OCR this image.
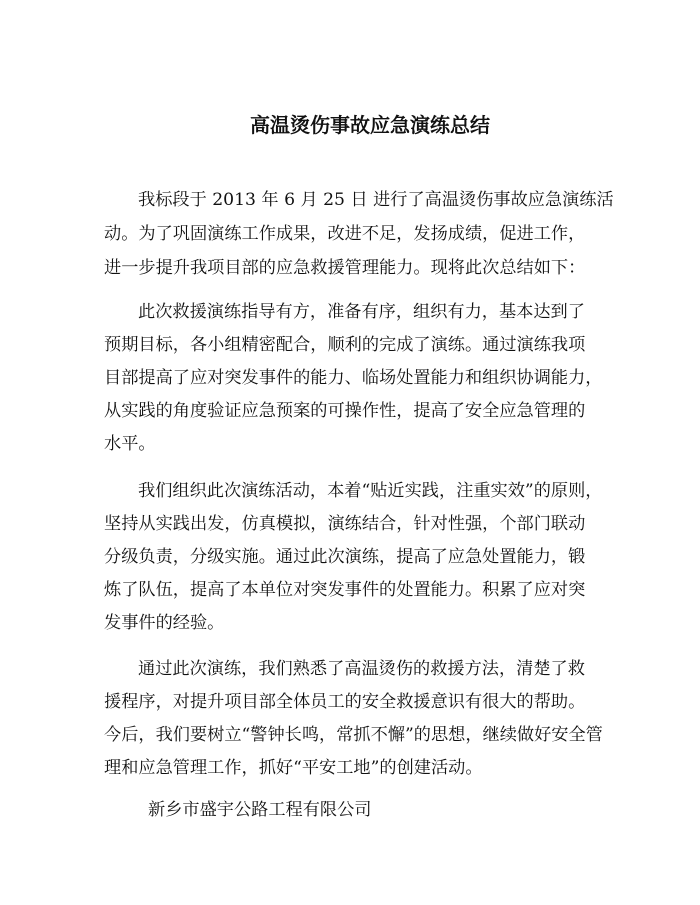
高温烫伤事故应急演练总结
我标段于 2013 年 6 月 25 日 进行了高温烫伤事故应急演练活
动。为了巩固演练工作成果，改进不足，发扬成绩，促进工作，
进一步提升我项目部的应急救援管理能力。现将此次总结如下：
此次救援演练指导有方，准备有序，组织有力，基本达到了
预期目标，各小组精密配合，顺利的完成了演练。通过演练我项
目部提高了应对突发事件的能力、临场处置能力和组织协调能力，
从实践的角度验证应急预案的可操作性，提高了安全应急管理的
水平。
我们组织此次演练活动，本着“贴近实践，注重实效”的原则，
坚持从实践出发，仿真模拟，演练结合，针对性强，个部门联动
分级负责，分级实施。通过此次演练，提高了应急处置能力，锻
炼了队伍，提高了本单位对突发事件的处置能力。积累了应对突
发事件的经验。
通过此次演练，我们熟悉了高温烫伤的救援方法，清楚了救
援程序，对提升项目部全体员工的安全救援意识有很大的帮助。
今后，我们要树立“警钟长鸣，常抓不懈”的思想，继续做好安全管
理和应急管理工作，抓好“平安工地”的创建活动。
新乡市盛宇公路工程有限公司
